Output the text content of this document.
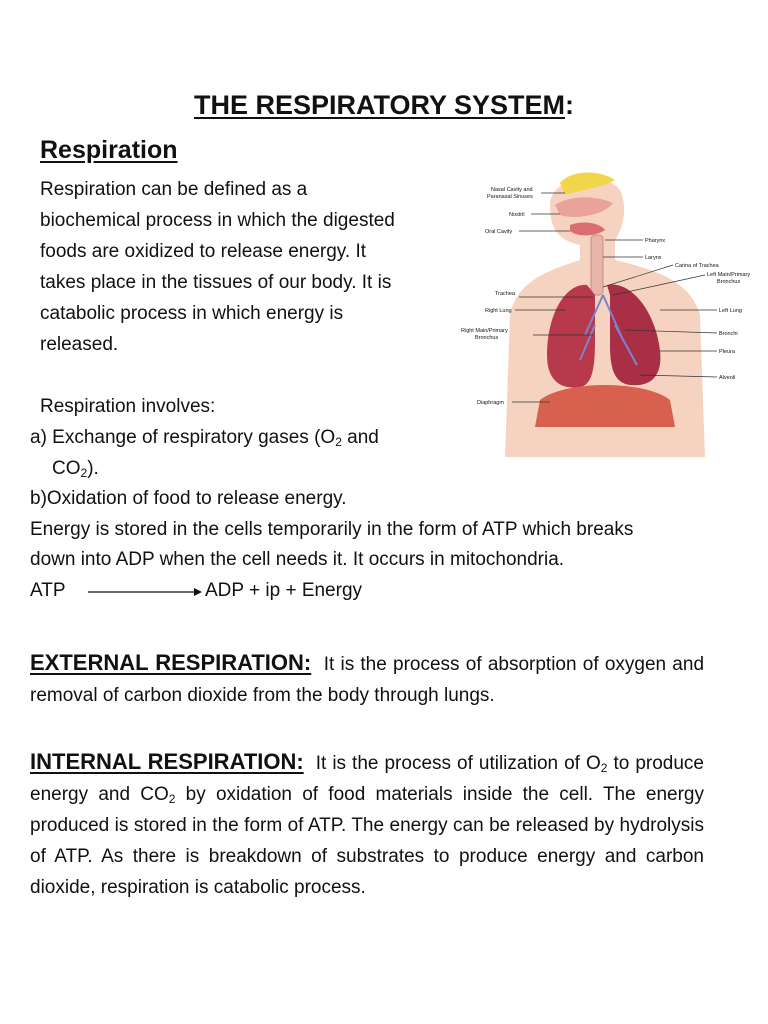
THE RESPIRATORY SYSTEM:
Respiration
Respiration can be defined as a
biochemical process in which the digested
foods are oxidized to release energy. It
takes place in the tissues of our body. It is
catabolic process in which energy is
released.
Respiration involves:
a) Exchange of respiratory gases ($O_2$ and
$CO_2$).
b)Oxidation of food to release energy.
Energy is stored in the cells temporarily in the form of ATP which breaks
down into ADP when the cell needs it. It occurs in mitochondria.
ATP	ADP + ip + Energy
EXTERNAL RESPIRATION: It is the process of absorption of oxygen and removal of carbon dioxide from the body through lungs.
INTERNAL RESPIRATION: It is the process of utilization of $O_2$ to produce energy and $CO_2$ by oxidation of food materials inside the cell. The energy produced is stored in the form of ATP. The energy can be released by hydrolysis of ATP. As there is breakdown of substrates to produce energy and carbon dioxide, respiration is catabolic process.
Nasal Cavity and
Paranasal Sinuses
Nostril
Oral Cavity
Trachea
Right Lung
Right Main/Primary
Bronchus
Diaphragm
Pharynx
Larynx
Carina of Trachea
Left Main/Primary
Bronchus
Left Lung
Bronchi
Pleura
Alveoli
